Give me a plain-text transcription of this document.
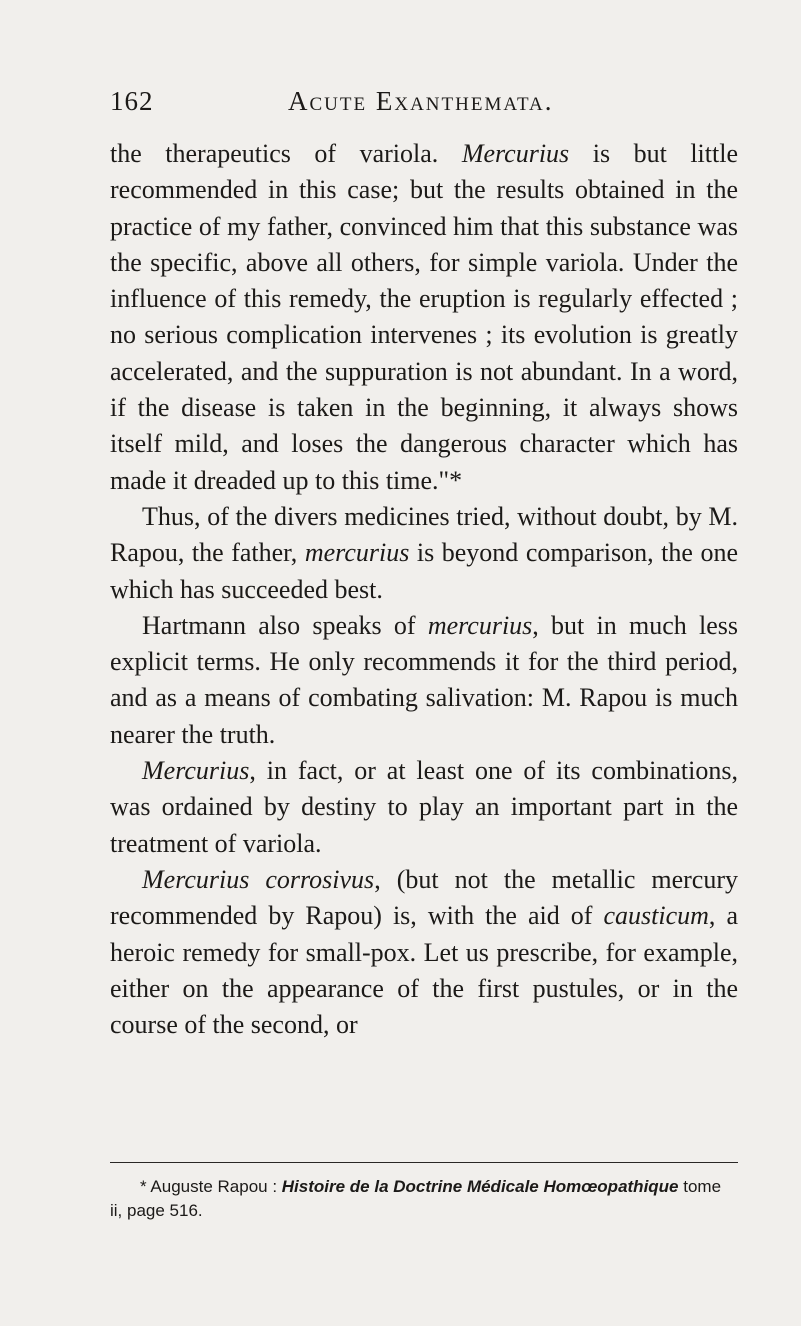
162	Acute Exanthemata.

the therapeutics of variola. Mercurius is but little recommended in this case; but the results obtained in the practice of my father, convinced him that this substance was the specific, above all others, for simple variola. Under the influence of this remedy, the eruption is regularly effected ; no serious complication intervenes ; its evolution is greatly accelerated, and the suppuration is not abundant. In a word, if the disease is taken in the beginning, it always shows itself mild, and loses the dangerous character which has made it dreaded up to this time."*

Thus, of the divers medicines tried, without doubt, by M. Rapou, the father, mercurius is beyond comparison, the one which has succeeded best.

Hartmann also speaks of mercurius, but in much less explicit terms. He only recommends it for the third period, and as a means of combating salivation: M. Rapou is much nearer the truth.

Mercurius, in fact, or at least one of its combinations, was ordained by destiny to play an important part in the treatment of variola.

Mercurius corrosivus, (but not the metallic mercury recommended by Rapou) is, with the aid of causticum, a heroic remedy for small-pox. Let us prescribe, for example, either on the appearance of the first pustules, or in the course of the second, or

* Auguste Rapou : Histoire de la Doctrine Médicale Homœopathique tome ii, page 516.
